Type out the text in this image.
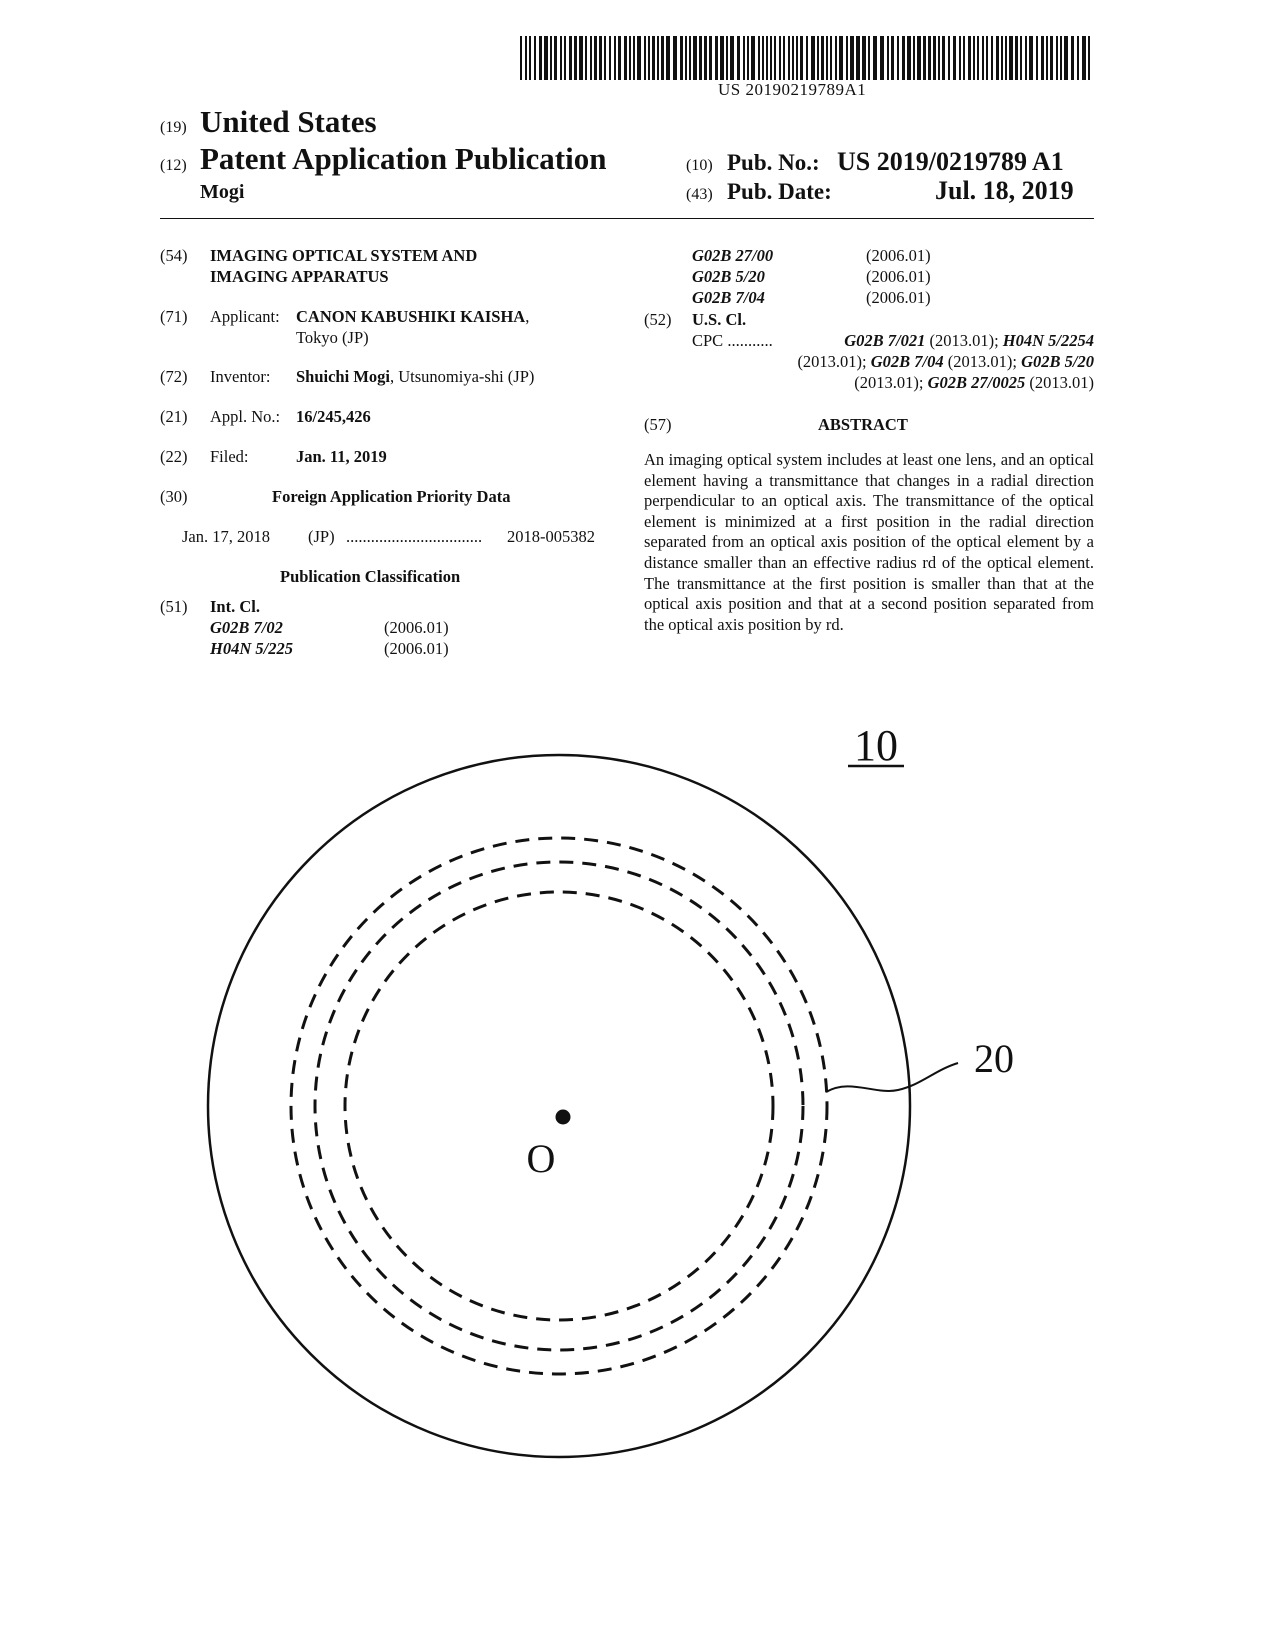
US 20190219789A1
(19) United States
(12) Patent Application Publication
Mogi
(10) Pub. No.: US 2019/0219789 A1
(43) Pub. Date:	Jul. 18, 2019
(54) IMAGING OPTICAL SYSTEM AND
IMAGING APPARATUS
(71) Applicant: CANON KABUSHIKI KAISHA,
Tokyo (JP)
(72) Inventor: Shuichi Mogi, Utsunomiya-shi (JP)
(21) Appl. No.: 16/245,426
(22) Filed:	Jan. 11, 2019
(30)	Foreign Application Priority Data
Jan. 17, 2018 (JP) ................................. 2018-005382
Publication Classification
(51) Int. Cl.
G02B 7/02	(2006.01)
H04N 5/225	(2006.01)
G02B 27/00	(2006.01)
G02B 5/20	(2006.01)
G02B 7/04	(2006.01)
(52) U.S. Cl.
CPC ...........	G02B 7/021 (2013.01); H04N 5/2254
(2013.01); G02B 7/04 (2013.01); G02B 5/20
(2013.01); G02B 27/0025 (2013.01)
(57)	ABSTRACT
An imaging optical system includes at least one lens, and an optical element having a transmittance that changes in a radial direction perpendicular to an optical axis. The transmittance of the optical element is minimized at a first position in the radial direction separated from an optical axis position of the optical element by a distance smaller than an effective radius rd of the optical element. The transmittance at the first position is smaller than that at the optical axis position and that at a second position separated from the optical axis position by rd.
10
O
20
